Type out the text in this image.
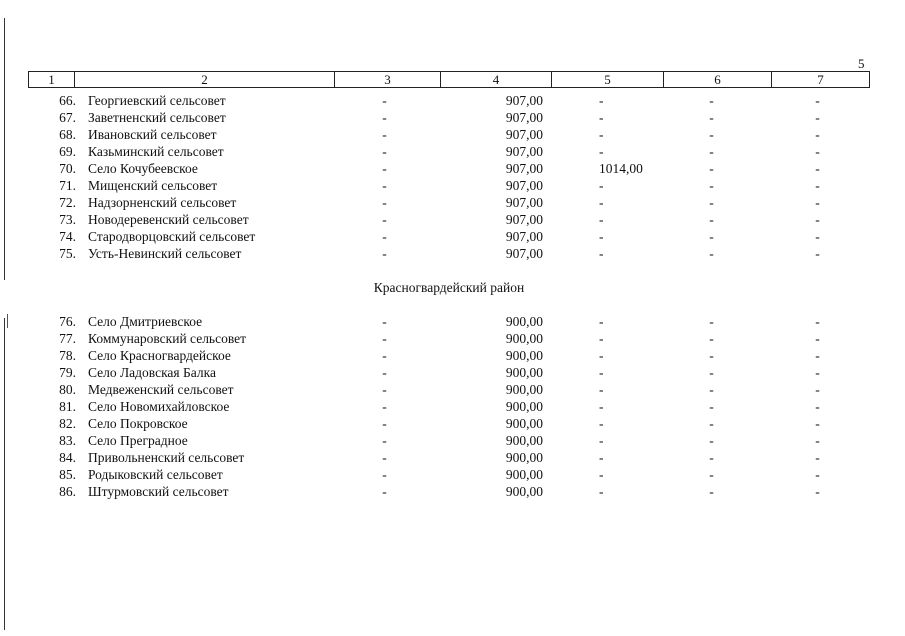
5
1	2	3	4	5	6	7
66. Георгиевский сельсовет	-	907,00	-	-	-
67. Заветненский сельсовет	-	907,00	-	-	-
68. Ивановский сельсовет	-	907,00	-	-	-
69. Казьминский сельсовет	-	907,00	-	-	-
70. Село Кочубеевское	-	907,00	1014,00	-	-
71. Мищенский сельсовет	-	907,00	-	-	-
72. Надзорненский сельсовет	-	907,00	-	-	-
73. Новодеревенский сельсовет	-	907,00	-	-	-
74. Стародворцовский сельсовет	-	907,00	-	-	-
75. Усть-Невинский сельсовет	-	907,00	-	-	-
Красногвардейский район
76. Село Дмитриевское	-	900,00	-	-	-
77. Коммунаровский сельсовет	-	900,00	-	-	-
78. Село Красногвардейское	-	900,00	-	-	-
79. Село Ладовская Балка	-	900,00	-	-	-
80. Медвеженский сельсовет	-	900,00	-	-	-
81. Село Новомихайловское	-	900,00	-	-	-
82. Село Покровское	-	900,00	-	-	-
83. Село Преградное	-	900,00	-	-	-
84. Привольненский сельсовет	-	900,00	-	-	-
85. Родыковский сельсовет	-	900,00	-	-	-
86. Штурмовский сельсовет	-	900,00	-	-	-
